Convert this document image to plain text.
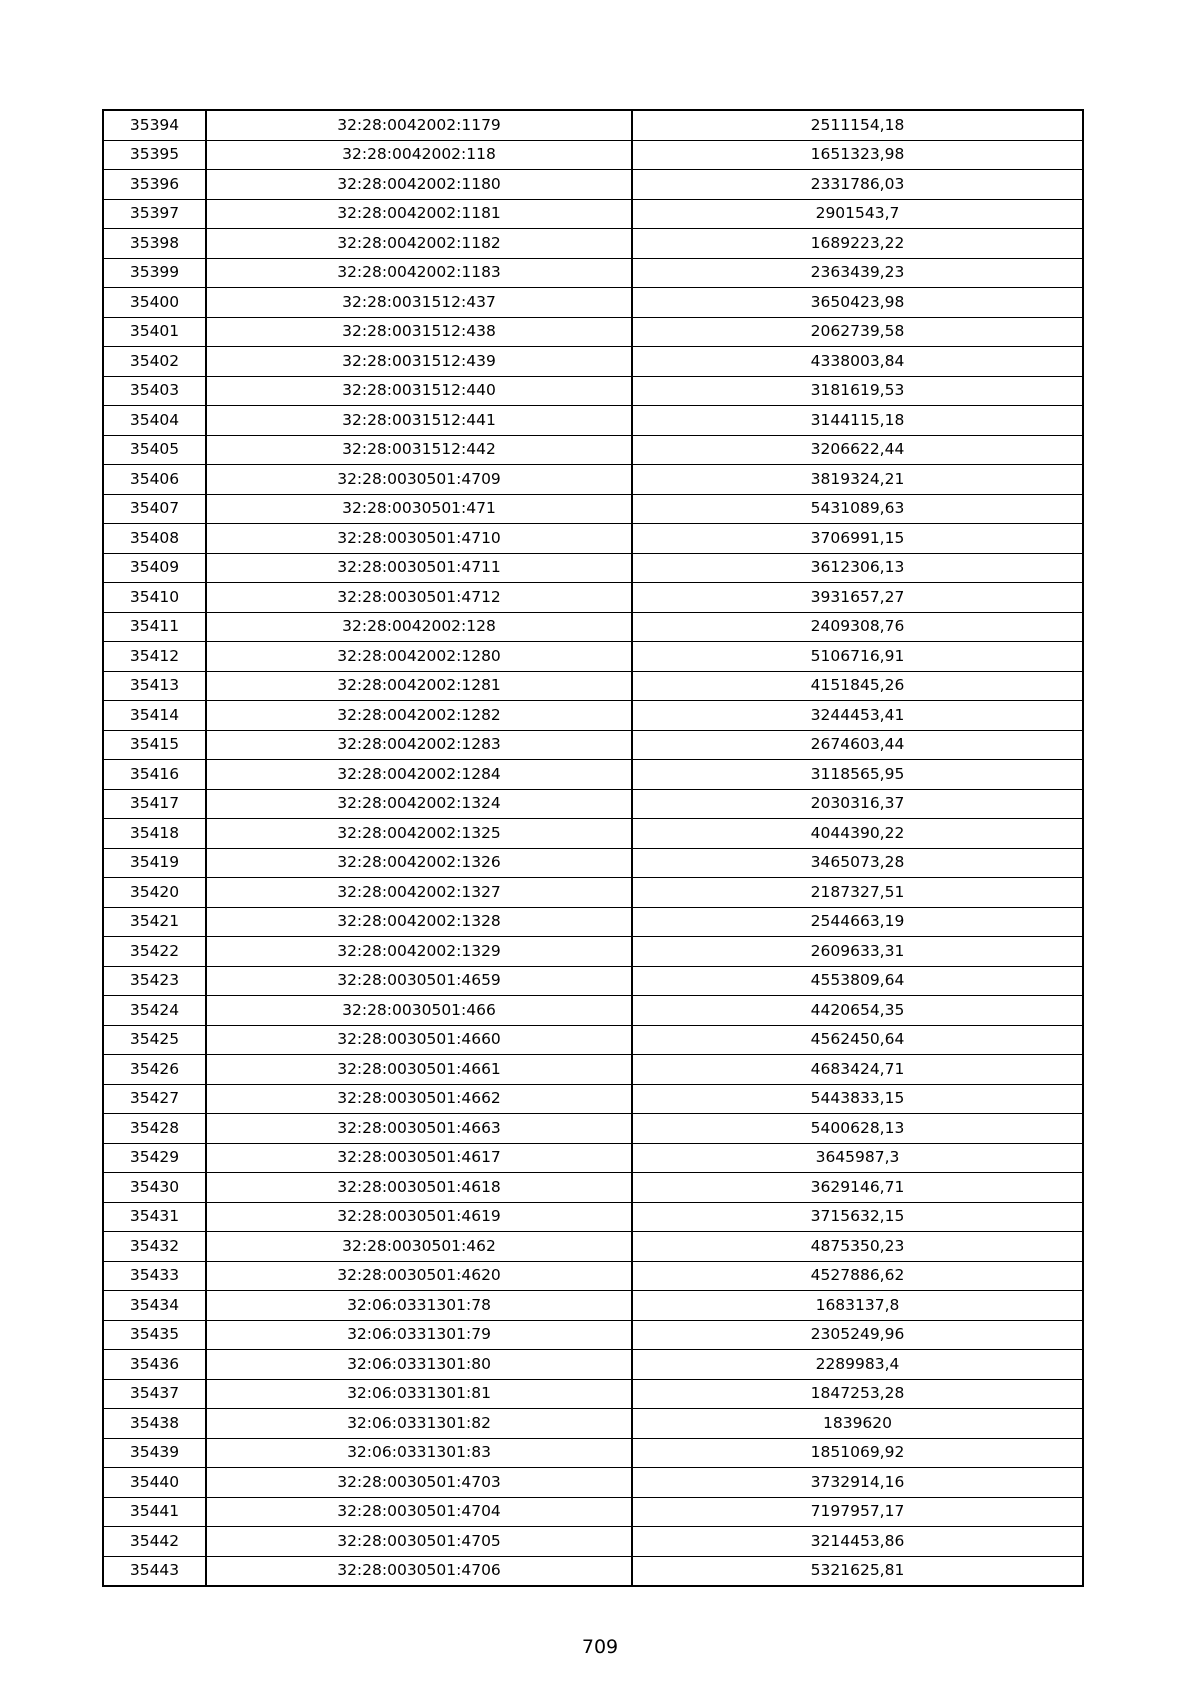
35394	32:28:0042002:1179	2511154,18
35395	32:28:0042002:118	1651323,98
35396	32:28:0042002:1180	2331786,03
35397	32:28:0042002:1181	2901543,7
35398	32:28:0042002:1182	1689223,22
35399	32:28:0042002:1183	2363439,23
35400	32:28:0031512:437	3650423,98
35401	32:28:0031512:438	2062739,58
35402	32:28:0031512:439	4338003,84
35403	32:28:0031512:440	3181619,53
35404	32:28:0031512:441	3144115,18
35405	32:28:0031512:442	3206622,44
35406	32:28:0030501:4709	3819324,21
35407	32:28:0030501:471	5431089,63
35408	32:28:0030501:4710	3706991,15
35409	32:28:0030501:4711	3612306,13
35410	32:28:0030501:4712	3931657,27
35411	32:28:0042002:128	2409308,76
35412	32:28:0042002:1280	5106716,91
35413	32:28:0042002:1281	4151845,26
35414	32:28:0042002:1282	3244453,41
35415	32:28:0042002:1283	2674603,44
35416	32:28:0042002:1284	3118565,95
35417	32:28:0042002:1324	2030316,37
35418	32:28:0042002:1325	4044390,22
35419	32:28:0042002:1326	3465073,28
35420	32:28:0042002:1327	2187327,51
35421	32:28:0042002:1328	2544663,19
35422	32:28:0042002:1329	2609633,31
35423	32:28:0030501:4659	4553809,64
35424	32:28:0030501:466	4420654,35
35425	32:28:0030501:4660	4562450,64
35426	32:28:0030501:4661	4683424,71
35427	32:28:0030501:4662	5443833,15
35428	32:28:0030501:4663	5400628,13
35429	32:28:0030501:4617	3645987,3
35430	32:28:0030501:4618	3629146,71
35431	32:28:0030501:4619	3715632,15
35432	32:28:0030501:462	4875350,23
35433	32:28:0030501:4620	4527886,62
35434	32:06:0331301:78	1683137,8
35435	32:06:0331301:79	2305249,96
35436	32:06:0331301:80	2289983,4
35437	32:06:0331301:81	1847253,28
35438	32:06:0331301:82	1839620
35439	32:06:0331301:83	1851069,92
35440	32:28:0030501:4703	3732914,16
35441	32:28:0030501:4704	7197957,17
35442	32:28:0030501:4705	3214453,86
35443	32:28:0030501:4706	5321625,81
709
